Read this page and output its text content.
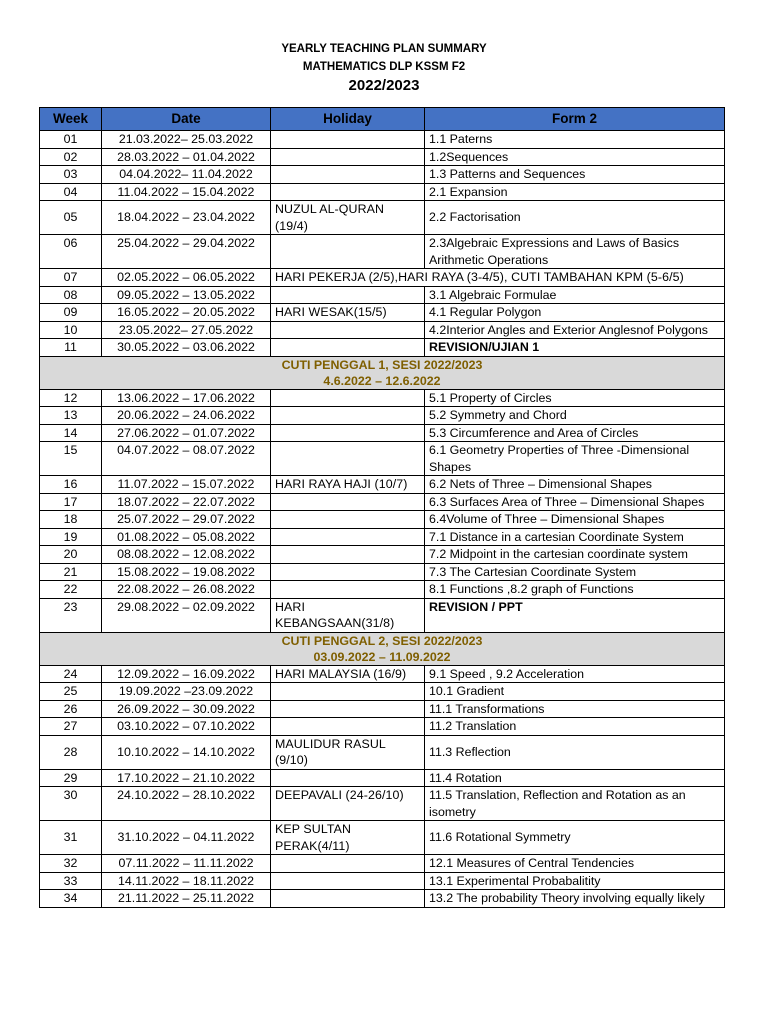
YEARLY TEACHING PLAN SUMMARY
MATHEMATICS DLP KSSM F2
2022/2023
Week	Date	Holiday	Form 2
01	21.03.2022– 25.03.2022		1.1 Paterns
02	28.03.2022 – 01.04.2022		1.2Sequences
03	04.04.2022– 11.04.2022		1.3 Patterns and Sequences
04	11.04.2022 – 15.04.2022		2.1 Expansion
05	18.04.2022 – 23.04.2022	NUZUL AL-QURAN (19/4)	2.2 Factorisation
06	25.04.2022 – 29.04.2022		2.3Algebraic Expressions and Laws of Basics Arithmetic Operations
07	02.05.2022 – 06.05.2022	HARI PEKERJA (2/5),HARI RAYA (3-4/5), CUTI TAMBAHAN KPM (5-6/5)	
08	09.05.2022 – 13.05.2022		3.1 Algebraic Formulae
09	16.05.2022 – 20.05.2022	HARI WESAK(15/5)	4.1 Regular Polygon
10	23.05.2022– 27.05.2022		4.2Interior Angles and Exterior Anglesnof Polygons
11	30.05.2022 – 03.06.2022		REVISION/UJIAN 1

CUTI PENGGAL 1, SESI 2022/2023
4.6.2022 – 12.6.2022			

12	13.06.2022 – 17.06.2022		5.1 Property of Circles
13	20.06.2022 – 24.06.2022		5.2 Symmetry and Chord
14	27.06.2022 – 01.07.2022		5.3 Circumference and Area of Circles
15	04.07.2022 – 08.07.2022		6.1 Geometry Properties of Three -Dimensional Shapes
16	11.07.2022 – 15.07.2022	HARI RAYA HAJI (10/7)	6.2 Nets of Three – Dimensional Shapes
17	18.07.2022 – 22.07.2022		6.3 Surfaces Area of Three – Dimensional Shapes
18	25.07.2022 – 29.07.2022		6.4Volume of Three – Dimensional Shapes
19	01.08.2022 – 05.08.2022		7.1 Distance in a cartesian Coordinate System
20	08.08.2022 – 12.08.2022		7.2 Midpoint in the cartesian coordinate system
21	15.08.2022 – 19.08.2022		7.3 The Cartesian Coordinate System
22	22.08.2022 – 26.08.2022		8.1 Functions ,8.2 graph of Functions
23	29.08.2022 – 02.09.2022	HARI KEBANGSAAN(31/8)	REVISION / PPT

CUTI PENGGAL 2, SESI 2022/2023
03.09.2022 – 11.09.2022			

24	12.09.2022 – 16.09.2022	HARI MALAYSIA (16/9)	9.1 Speed , 9.2 Acceleration
25	19.09.2022 –23.09.2022		10.1 Gradient
26	26.09.2022 – 30.09.2022		11.1 Transformations
27	03.10.2022 – 07.10.2022		11.2 Translation
28	10.10.2022 – 14.10.2022	MAULIDUR RASUL (9/10)	11.3 Reflection
29	17.10.2022 – 21.10.2022		11.4 Rotation
30	24.10.2022 – 28.10.2022	DEEPAVALI (24-26/10)	11.5 Translation, Reflection and Rotation as an isometry
31	31.10.2022 – 04.11.2022	KEP SULTAN PERAK(4/11)	11.6 Rotational Symmetry
32	07.11.2022 – 11.11.2022		12.1 Measures of Central Tendencies
33	14.11.2022 – 18.11.2022		13.1 Experimental Probabalitity
34	21.11.2022 – 25.11.2022		13.2 The probability Theory involving equally likely
